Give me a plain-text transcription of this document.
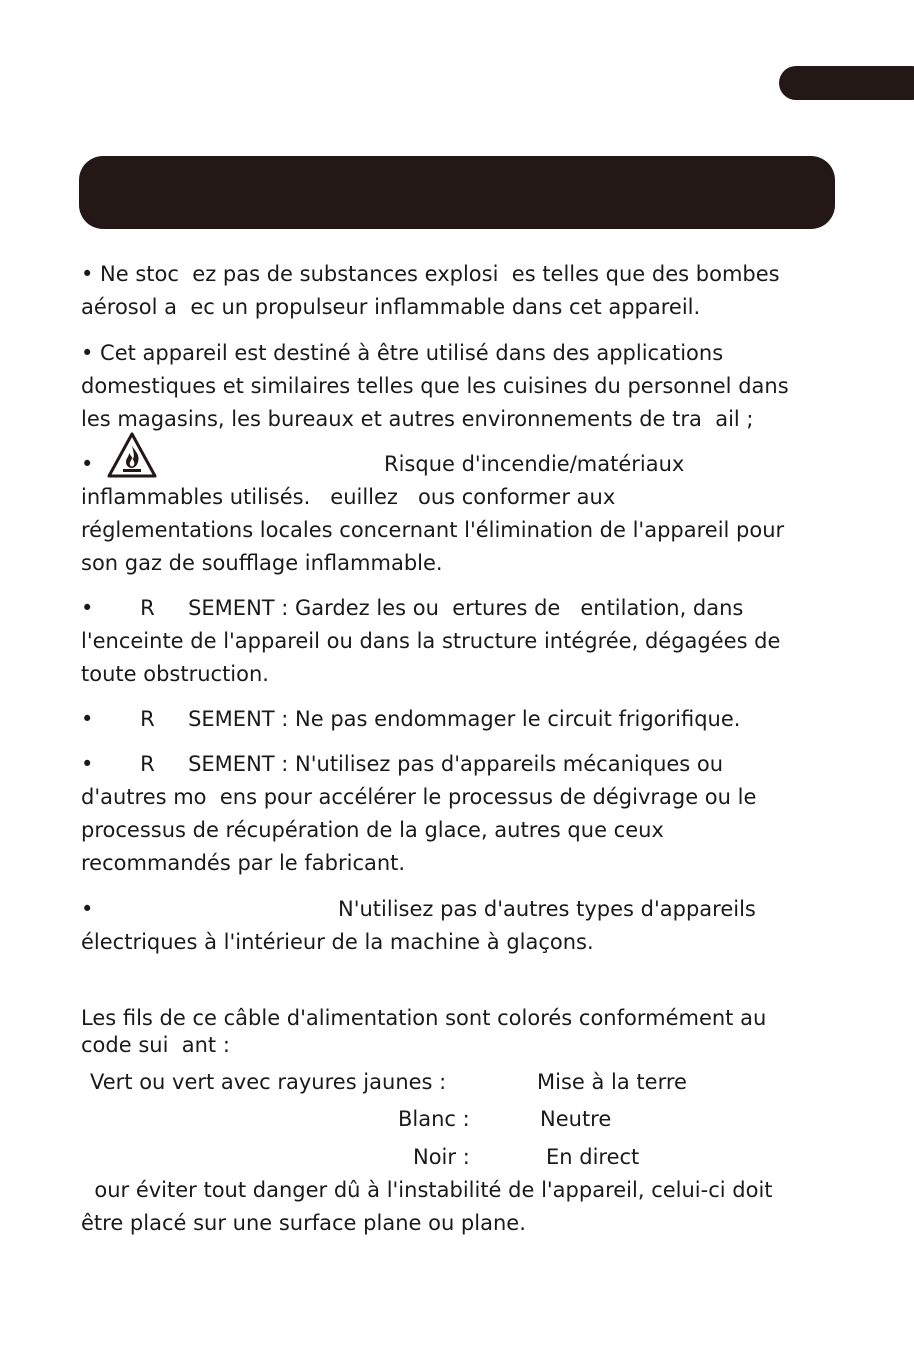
• Ne stoc  ez pas de substances explosi  es telles que des bombes
aérosol a  ec un propulseur inflammable dans cet appareil.
• Cet appareil est destiné à être utilisé dans des applications
domestiques et similaires telles que les cuisines du personnel dans
les magasins, les bureaux et autres environnements de tra  ail ;
•	Risque d'incendie/matériaux
inflammables utilisés.   euillez   ous conformer aux
réglementations locales concernant l'élimination de l'appareil pour
son gaz de soufflage inflammable.
•       R     SEMENT : Gardez les ou  ertures de   entilation, dans
l'enceinte de l'appareil ou dans la structure intégrée, dégagées de
toute obstruction.
•       R     SEMENT : Ne pas endommager le circuit frigorifique.
•       R     SEMENT : N'utilisez pas d'appareils mécaniques ou
d'autres mo  ens pour accélérer le processus de dégivrage ou le
processus de récupération de la glace, autres que ceux
recommandés par le fabricant.
•	N'utilisez pas d'autres types d'appareils
électriques à l'intérieur de la machine à glaçons.
Les fils de ce câble d'alimentation sont colorés conformément au
code sui  ant :
Vert ou vert avec rayures jaunes :	Mise à la terre
Blanc :	Neutre
Noir :	En direct
our éviter tout danger dû à l'instabilité de l'appareil, celui-ci doit
être placé sur une surface plane ou plane.
